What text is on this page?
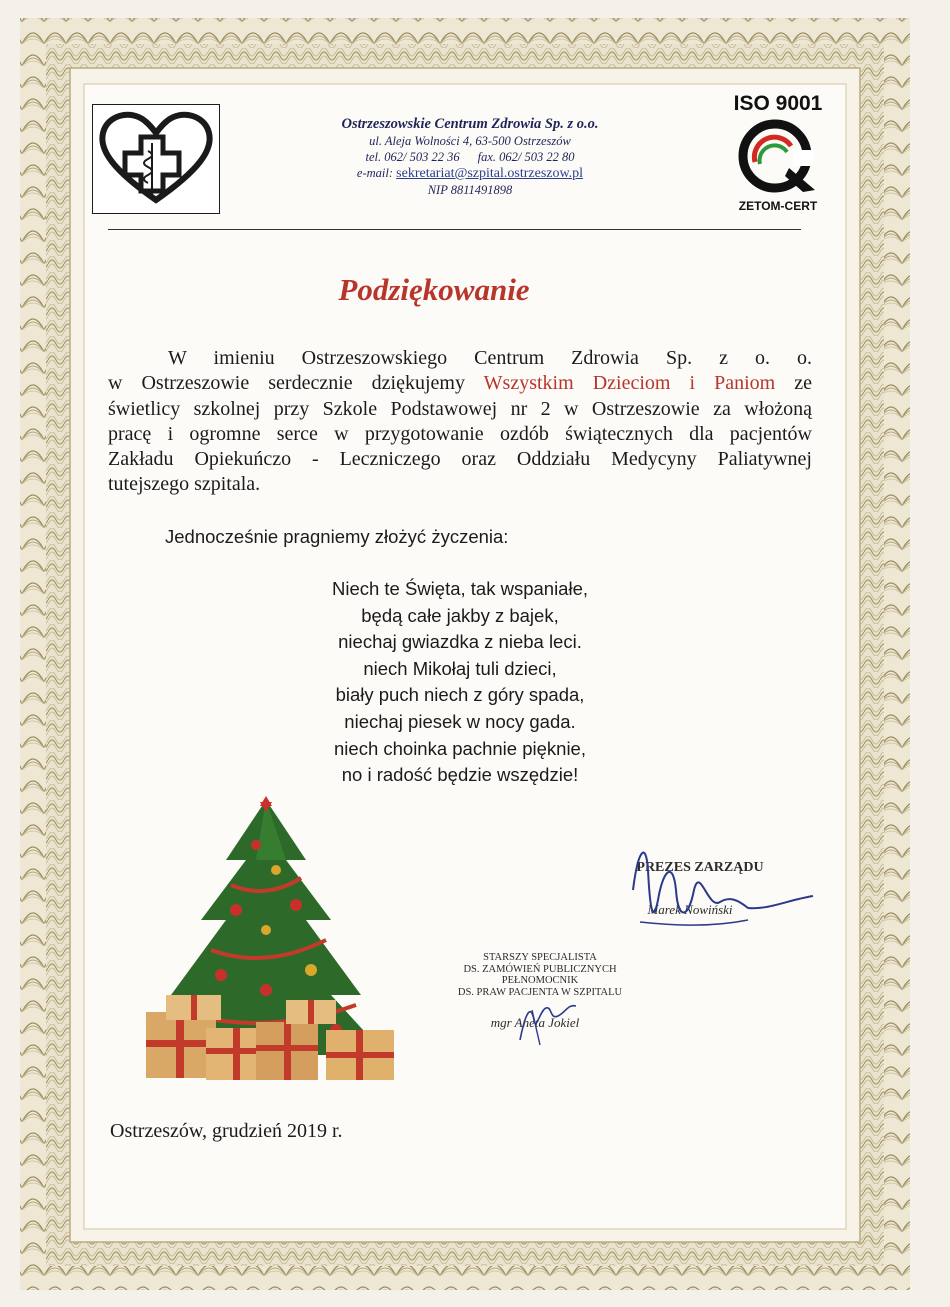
Ostrzeszowskie Centrum Zdrowia Sp. z o.o.
ul. Aleja Wolności 4, 63-500 Ostrzeszów
tel. 062/ 503 22 36 fax. 062/ 503 22 80
e-mail: sekretariat@szpital.ostrzeszow.pl
NIP 8811491898
ISO 9001
ZETOM-CERT
Podziękowanie
W imieniu Ostrzeszowskiego Centrum Zdrowia Sp. z o. o.
w Ostrzeszowie serdecznie dziękujemy Wszystkim Dzieciom i Paniom ze
świetlicy szkolnej przy Szkole Podstawowej nr 2 w Ostrzeszowie za włożoną
pracę i ogromne serce w przygotowanie ozdób świątecznych dla pacjentów
Zakładu Opiekuńczo - Leczniczego oraz Oddziału Medycyny Paliatywnej
tutejszego szpitala.
Jednocześnie pragniemy złożyć życzenia:
Niech te Święta, tak wspaniałe,
będą całe jakby z bajek,
niechaj gwiazdka z nieba leci.
niech Mikołaj tuli dzieci,
biały puch niech z góry spada,
niechaj piesek w nocy gada.
niech choinka pachnie pięknie,
no i radość będzie wszędzie!
PREZES ZARZĄDU
Marek Nowiński
STARSZY SPECJALISTA
DS. ZAMÓWIEŃ PUBLICZNYCH
PEŁNOMOCNIK
DS. PRAW PACJENTA W SZPITALU
mgr Aneta Jokiel
Ostrzeszów, grudzień 2019 r.
